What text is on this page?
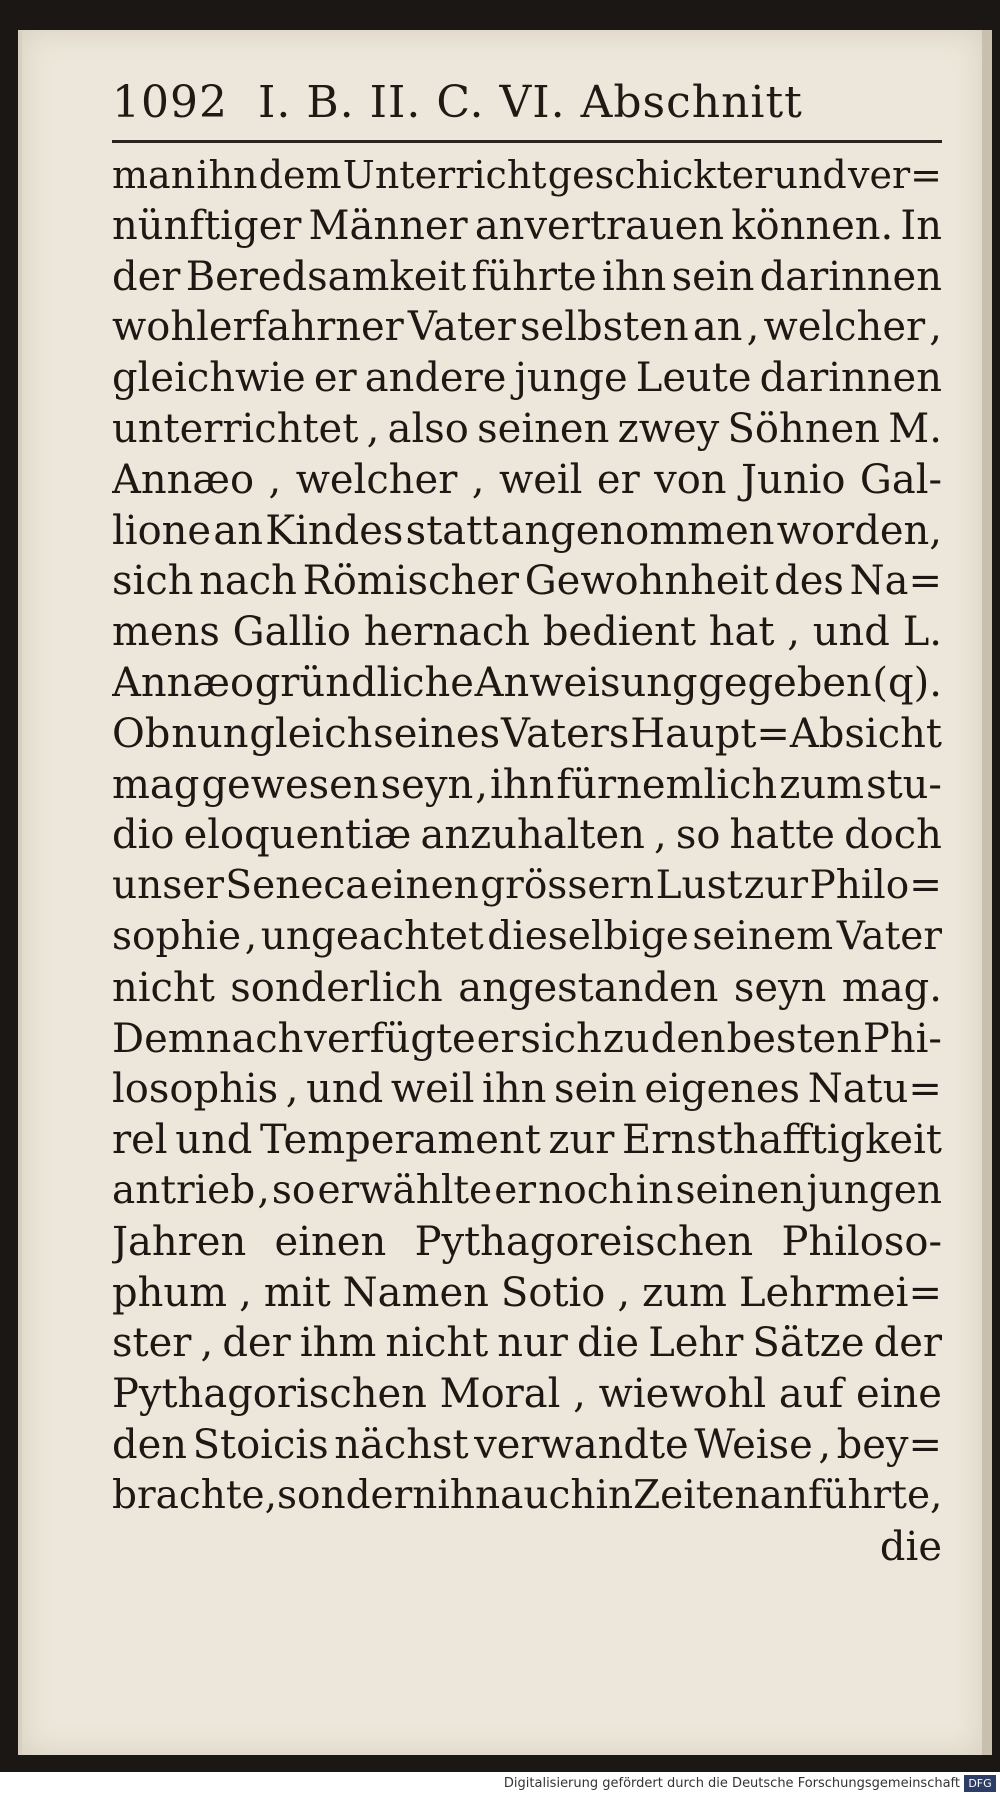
1092 I. B. II. C. VI. Abschnitt
man ihn dem Unterricht geschickter und ver=
nünftiger Männer anvertrauen können. In
der Beredsamkeit führte ihn sein darinnen
wohlerfahrner Vater selbsten an , welcher ,
gleichwie er andere junge Leute darinnen
unterrichtet , also seinen zwey Söhnen M.
Annæo , welcher , weil er von Junio Gal-
lione an Kindes statt angenommen worden,
sich nach Römischer Gewohnheit des Na=
mens Gallio hernach bedient hat , und L.
Annæo gründliche Anweisung gegeben (q).
Ob nun gleich seines Vaters Haupt=Absicht
mag gewesen seyn , ihn fürnemlich zum stu-
dio eloquentiæ anzuhalten , so hatte doch
unser Seneca einen grössern Lust zur Philo=
sophie , ungeachtet dieselbige seinem Vater
nicht sonderlich angestanden seyn mag.
Demnach verfügte er sich zu den besten Phi-
losophis , und weil ihn sein eigenes Natu=
rel und Temperament zur Ernsthafftigkeit
antrieb , so erwählte er noch in seinen jungen
Jahren einen Pythagoreischen Philoso-
phum , mit Namen Sotio , zum Lehrmei=
ster , der ihm nicht nur die Lehr Sätze der
Pythagorischen Moral , wiewohl auf eine
den Stoicis nächst verwandte Weise , bey=
brachte , sondern ihn auch in Zeiten anführte,
die
Digitalisierung gefördert durch die Deutsche Forschungsgemeinschaft DFG
